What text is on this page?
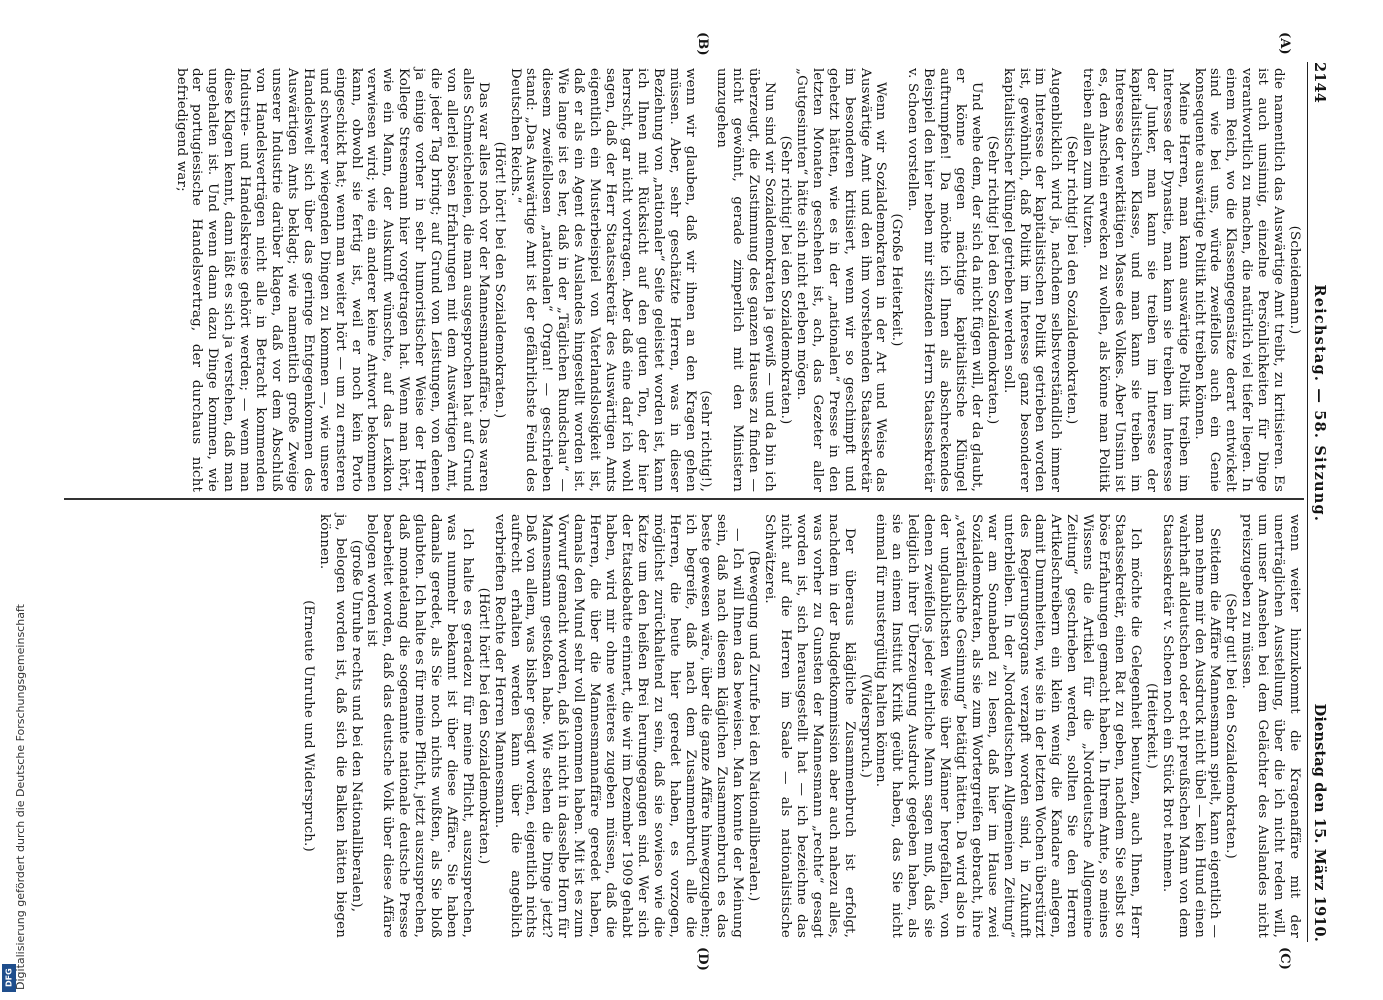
2144
Reichstag. — 58. Sitzung.
Dienstag den 15. März 1910.
(A)
(B)
(C)
(D)

(Scheidemann.)

die namentlich das Auswärtige Amt treibt, zu kritisieren. Es ist auch unsinnig, einzelne Persönlichkeiten für Dinge verantwortlich zu machen, die natürlich viel tiefer liegen. In einem Reich, wo die Klassengegensätze derart entwickelt sind wie bei uns, würde zweifellos auch ein Genie konsequente auswärtige Politik nicht treiben können.

Meine Herren, man kann auswärtige Politik treiben im Interesse der Dynastie, man kann sie treiben im Interesse der Junker, man kann sie treiben im Interesse der kapitalistischen Klasse, und man kann sie treiben im Interesse der werktätigen Masse des Volkes. Aber Unsinn ist es, den Anschein erwecken zu wollen, als könne man Politik treiben allen zum Nutzen.

(Sehr richtig! bei den Sozialdemokraten.)

Augenblicklich wird ja, nachdem selbstverständlich immer im Interesse der kapitalistischen Politik getrieben worden ist, gewöhnlich, daß Politik im Interesse ganz besonderer kapitalistischer Klüngel getrieben werden soll.

(Sehr richtig! bei den Sozialdemokraten.)

Und wehe dem, der sich da nicht fügen will, der da glaubt, er könne gegen mächtige kapitalistische Klüngel auftrumpfen! Da möchte ich Ihnen als abschreckendes Beispiel den hier neben mir sitzenden Herrn Staatssekretär v. Schoen vorstellen.

(Große Heiterkeit.)

Wenn wir Sozialdemokraten in der Art und Weise das Auswärtige Amt und den ihm vorstehenden Staatssekretär im besonderen kritisiert, wenn wir so geschimpft und gehetzt hätten, wie es in der „nationalen“ Presse in den letzten Monaten geschehen ist, ach, das Gezeter aller „Gutgesinnten“ hätte sich nicht erleben mögen.

(Sehr richtig! bei den Sozialdemokraten.)

Nun sind wir Sozialdemokraten ja gewiß — und da bin ich überzeugt, die Zustimmung des ganzen Hauses zu finden — nicht gewöhnt, gerade zimperlich mit den Ministern umzugehen

(sehr richtig!),

wenn wir glauben, daß wir ihnen an den Kragen gehen müssen. Aber, sehr geschätzte Herren, was in dieser Beziehung von „nationaler“ Seite geleistet worden ist, kann ich Ihnen mit Rücksicht auf den guten Ton, der hier herrscht, gar nicht vortragen. Aber daß eine darf ich wohl sagen, daß der Herr Staatssekretär des Auswärtigen Amts eigentlich ein Musterbeispiel von Vaterlandslosigkeit ist, daß er als ein Agent des Auslandes hingestellt worden ist. Wie lange ist es her, daß in der „Täglichen Rundschau“ — diesem zweifellosen „nationalen“ Organ! — geschrieben stand: „Das Auswärtige Amt ist der gefährlichste Feind des Deutschen Reichs.“

(Hört! hört! bei den Sozialdemokraten.)

Das war alles noch vor der Mannesmannaffäre. Das waren alles Schmeicheleien, die man ausgesprochen hat auf Grund von allerlei bösen Erfahrungen mit dem Auswärtigen Amt, die jeder Tag bringt; auf Grund von Leistungen, von denen ja einige vorher in sehr humoristischer Weise der Herr Kollege Stresemann hier vorgetragen hat. Wenn man hört, wie ein Mann, der Auskunft wünschte, auf das Lexikon verwiesen wird; wie ein anderer keine Antwort bekommen kann, obwohl sie fertig ist, weil er noch kein Porto eingeschickt hat; wenn man weiter hört — um zu ernsteren und schwerer wiegenden Dingen zu kommen —, wie unsere Handelswelt sich über das geringe Entgegenkommen des Auswärtigen Amts beklagt; wie namentlich große Zweige unserer Industrie darüber klagen, daß vor dem Abschluß von Handelsverträgen nicht alle in Betracht kommenden Industrie- und Handelskreise gehört werden; — wenn man diese Klagen kennt, dann läßt es sich ja verstehen, daß man ungehalten ist. Und wenn dann dazu Dinge kommen, wie der portugiesische Handelsvertrag, der durchaus nicht befriedigend war;

wenn weiter hinzukommt die Kragenaffäre mit der unerträglichen Ausstellung, über die ich nicht reden will, um unser Ansehen bei dem Gelächter des Auslandes nicht preiszugeben zu müssen.

(Sehr gut! bei den Sozialdemokraten.)

Seitdem die Affäre Mannesmann spielt, kann eigentlich — man nehme mir den Ausdruck nicht übel — kein Hund einen wahrhaft alldeutschen oder echt preußischen Mann von dem Staatssekretär v. Schoen noch ein Stück Brot nehmen.

(Heiterkeit.)

Ich möchte die Gelegenheit benutzen, auch Ihnen, Herr Staatssekretär, einen Rat zu geben, nachdem Sie selbst so böse Erfahrungen gemacht haben. In Ihrem Amte, so meines Wissens die Artikel für die „Norddeutsche Allgemeine Zeitung“ geschrieben werden, sollten Sie den Herren Artikelschreibern ein klein wenig die Kandare anlegen, damit Dummheiten, wie sie in der letzten Wochen überstürzt des Regierungsorgans verzapft worden sind, in Zukunft unterbleiben. In der „Norddeutschen Allgemeinen Zeitung“ war am Sonnabend zu lesen, daß hier im Hause zwei Sozialdemokraten, als sie zum Wortergreifen gebracht, ihre „vaterländische Gesinnung“ betätigt hätten. Da wird also in der unglaublichsten Weise über Männer hergefallen, von denen zweifellos jeder ehrliche Mann sagen muß, daß sie lediglich ihrer Überzeugung Ausdruck gegeben haben, als sie an einem Institut Kritik geübt haben, das Sie nicht einmal für mustergültig halten können.

(Widerspruch.)

Der überaus klägliche Zusammenbruch ist erfolgt, nachdem in der Budgetkommission aber auch nahezu alles, was vorher zu Gunsten der Mannesmann „rechte“ gesagt worden ist, sich herausgestellt hat — ich bezeichne das nicht auf die Herren im Saale — als nationalistische Schwätzerei.

(Bewegung und Zurufe bei den Nationalliberalen.)

— Ich will Ihnen das beweisen. Man konnte der Meinung sein, daß nach diesem kläglichen Zusammenbruch es das beste gewesen wäre, über die ganze Affäre hinwegzugehen; ich begreife, daß nach dem Zusammenbruch alle die Herren, die heute hier geredet haben, es vorzogen, möglichst zurückhaltend zu sein, daß sie sowieso wie die Katze um den heißen Brei herumgegangen sind. Wer sich der Etatsdebatte erinnert, die wir im Dezember 1909 gehabt haben, wird mir ohne weiteres zugeben müssen, daß die Herren, die über die Mannesmannaffäre geredet haben, damals den Mund sehr voll genommen haben. Mit ist es zum Vorwurf gemacht worden, daß ich nicht in dasselbe Horn für Mannesmann gestoßen habe. Wie stehen die Dinge jetzt? Daß von allem, was bisher gesagt worden, eigentlich nichts aufrecht erhalten werden kann über die angeblich verbrieften Rechte der Herren Mannesmann.

(Hört! hört! bei den Sozialdemokraten.)

Ich halte es geradezu für meine Pflicht, auszusprechen, was nunmehr bekannt ist über diese Affäre. Sie haben damals geredet, als Sie noch nichts wußten, als Sie bloß glaubten. Ich halte es für meine Pflicht, jetzt auszusprechen, daß monatelang die sogenannte nationale deutsche Presse bearbeitet worden, daß das deutsche Volk über diese Affäre belogen worden ist

(große Unruhe rechts und bei den Nationalliberalen),

ja, belogen worden ist, daß sich die Balken hätten biegen können.

(Erneute Unruhe und Widerspruch.)

DFG Digitalisierung gefördert durch die Deutsche Forschungsgemeinschaft
